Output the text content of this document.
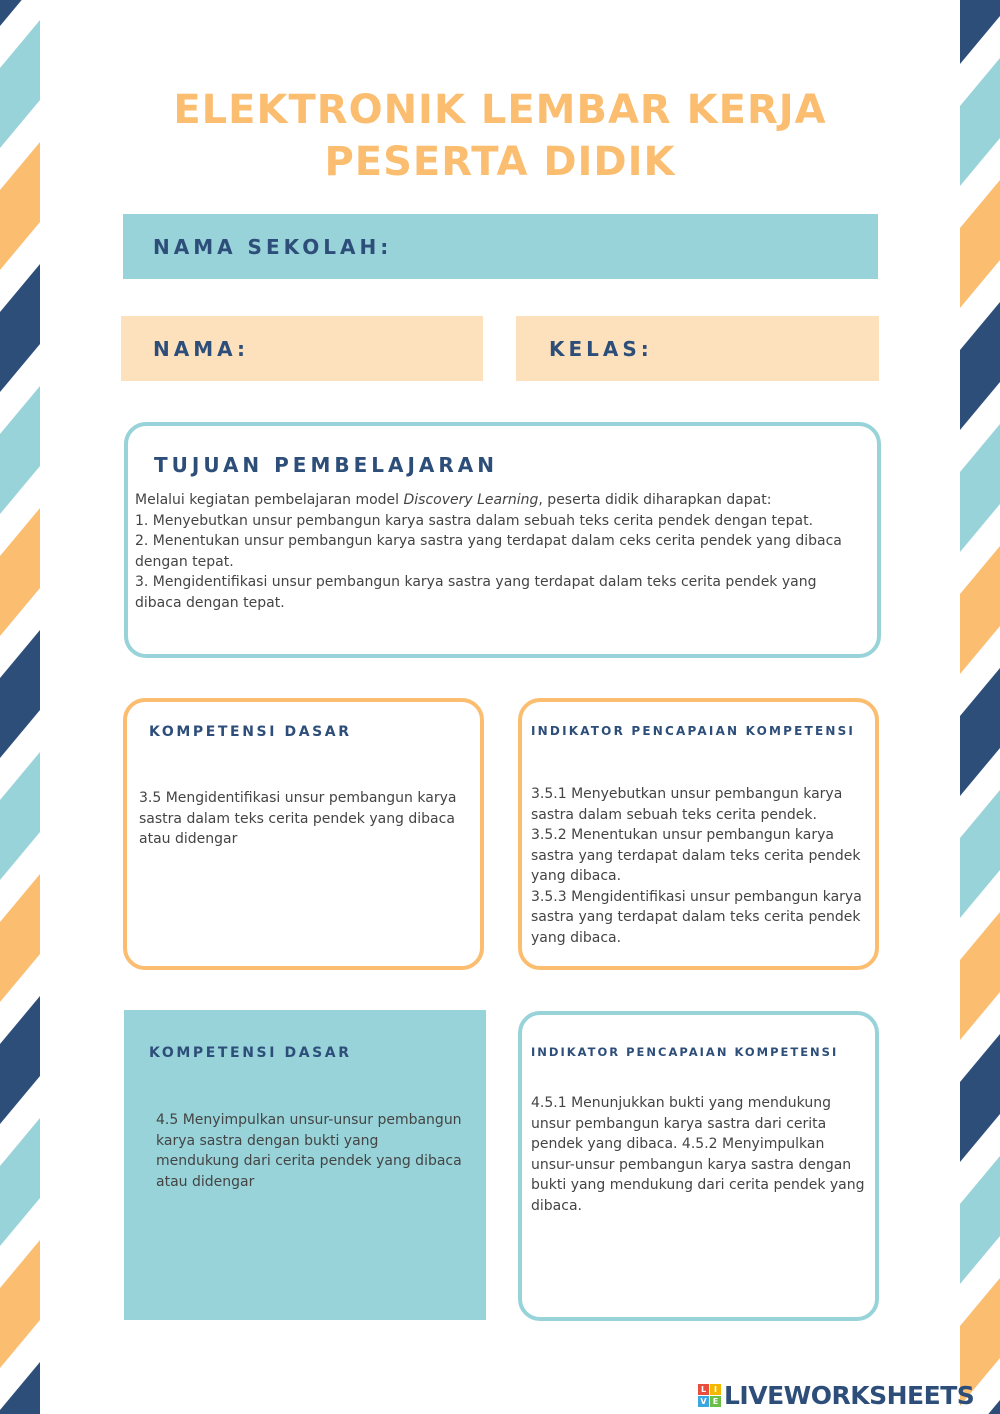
ELEKTRONIK LEMBAR KERJA
PESERTA DIDIK
NAMA SEKOLAH:
NAMA:	KELAS:
TUJUAN PEMBELAJARAN

Melalui kegiatan pembelajaran model Discovery Learning, peserta didik diharapkan dapat:

1. Menyebutkan unsur pembangun karya sastra dalam sebuah teks cerita pendek dengan tepat.

2. Menentukan unsur pembangun karya sastra yang terdapat dalam ceks cerita pendek yang dibaca dengan tepat.

3. Mengidentifikasi unsur pembangun karya sastra yang terdapat dalam teks cerita pendek yang dibaca dengan tepat.

KOMPETENSI DASAR
3.5 Mengidentifikasi unsur pembangun karya sastra dalam teks cerita pendek yang dibaca atau didengar
INDIKATOR PENCAPAIAN KOMPETENSI

3.5.1 Menyebutkan unsur pembangun karya sastra dalam sebuah teks cerita pendek.

3.5.2 Menentukan unsur pembangun karya sastra yang terdapat dalam teks cerita pendek yang dibaca.

3.5.3 Mengidentifikasi unsur pembangun karya sastra yang terdapat dalam teks cerita pendek yang dibaca.

KOMPETENSI DASAR
4.5 Menyimpulkan unsur-unsur pembangun karya sastra dengan bukti yang mendukung dari cerita pendek yang dibaca atau didengar
INDIKATOR PENCAPAIAN KOMPETENSI
4.5.1 Menunjukkan bukti yang mendukung unsur pembangun karya sastra dari cerita pendek yang dibaca. 4.5.2 Menyimpulkan unsur-unsur pembangun karya sastra dengan bukti yang mendukung dari cerita pendek yang dibaca.
L I
V E LIVEWORKSHEETS
